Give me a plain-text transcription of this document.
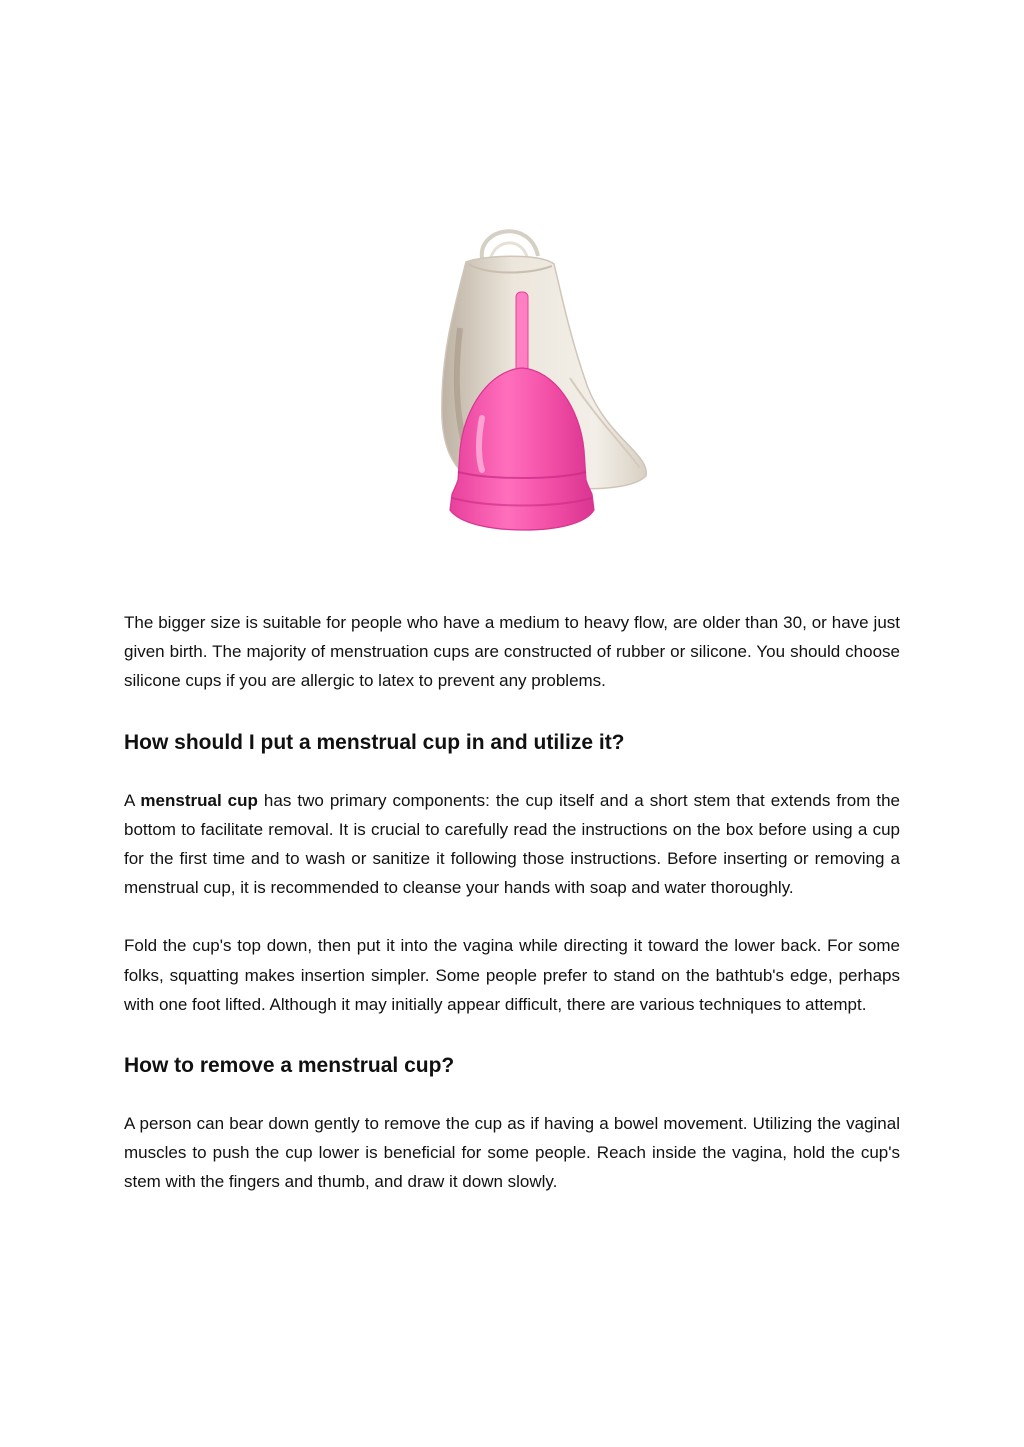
The bigger size is suitable for people who have a medium to heavy flow, are older than 30, or have just given birth. The majority of menstruation cups are constructed of rubber or silicone. You should choose silicone cups if you are allergic to latex to prevent any problems.

How should I put a menstrual cup in and utilize it?

A menstrual cup has two primary components: the cup itself and a short stem that extends from the bottom to facilitate removal. It is crucial to carefully read the instructions on the box before using a cup for the first time and to wash or sanitize it following those instructions. Before inserting or removing a menstrual cup, it is recommended to cleanse your hands with soap and water thoroughly.

Fold the cup's top down, then put it into the vagina while directing it toward the lower back. For some folks, squatting makes insertion simpler. Some people prefer to stand on the bathtub's edge, perhaps with one foot lifted. Although it may initially appear difficult, there are various techniques to attempt.

How to remove a menstrual cup?

A person can bear down gently to remove the cup as if having a bowel movement. Utilizing the vaginal muscles to push the cup lower is beneficial for some people. Reach inside the vagina, hold the cup's stem with the fingers and thumb, and draw it down slowly.
